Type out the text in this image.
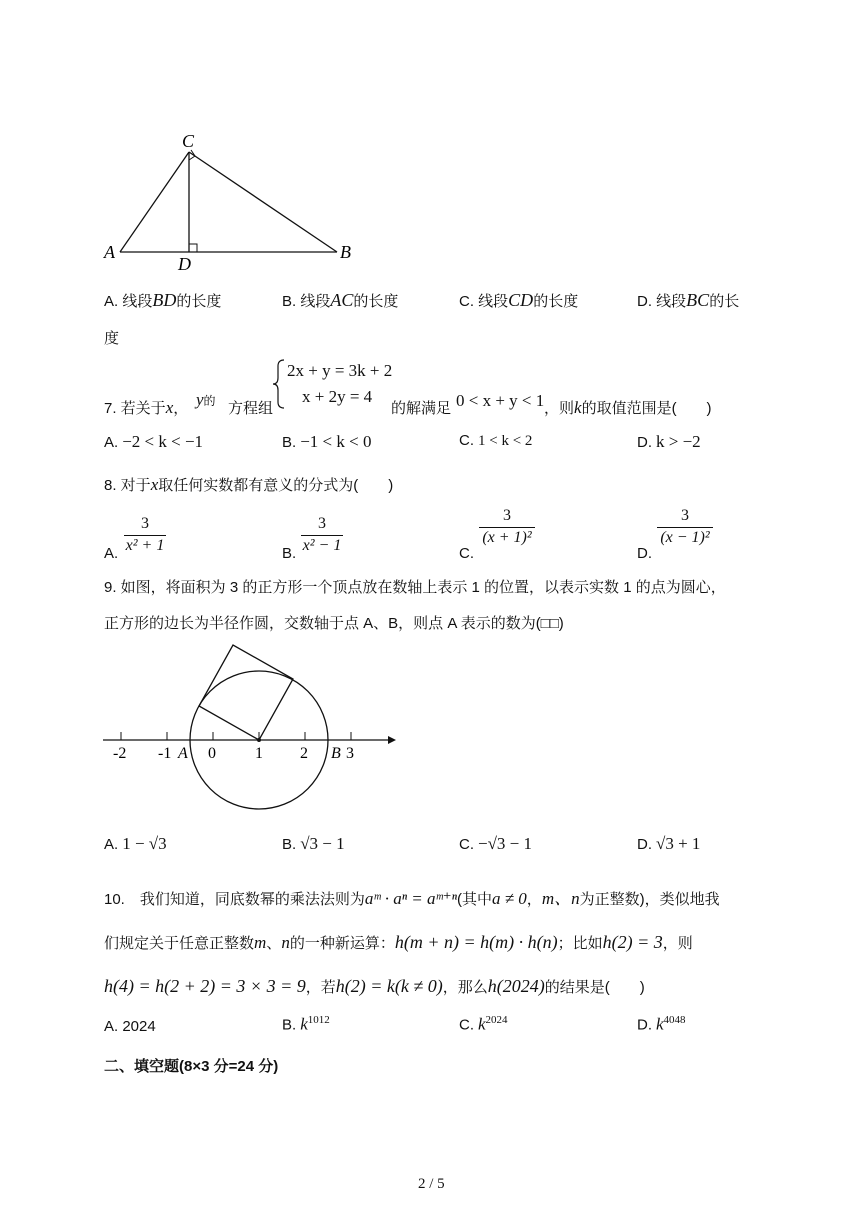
C
A
D
B
A. 线段BD的长度	B. 线段AC的长度	C. 线段CD的长度	D. 线段BC的长
度
2x + y = 3k + 2
x + 2y = 4
7. 若关于x， y的 方程组	的解满足 0 < x + y < 1 ，则k的取值范围是(　　)
A. −2 < k < −1	B. −1 < k < 0	C. 1 < k < 2	D. k > −2
8. 对于x取任何实数都有意义的分式为(　　)
A.
3
x² + 1	B.
3
x² − 1	C.
3
(x + 1)²
D.
3
(x − 1)²
9. 如图，将面积为 3 的正方形一个顶点放在数轴上表示 1 的位置，以表示实数 1 的点为圆心，
正方形的边长为半径作圆，交数轴于点 A、B，则点 A 表示的数为(□□)
-2 -1 A 0 1 2 B 3
A. 1 − √3	B. √3 − 1	C. −√3 − 1	D. √3 + 1
10.　我们知道，同底数幂的乘法法则为aᵐ · aⁿ = aᵐ⁺ⁿ(其中a ≠ 0，m、n为正整数)，类似地我
们规定关于任意正整数m、n的一种新运算：h(m + n) = h(m) · h(n)；比如h(2) = 3，则
h(4) = h(2 + 2) = 3 × 3 = 9，若h(2) = k(k ≠ 0)，那么h(2024)的结果是(　　)
A. 2024	B. $k^{1012}$	C. $k^{2024}$	D. $k^{4048}$
二、填空题(8×3 分=24 分)
2 / 5
